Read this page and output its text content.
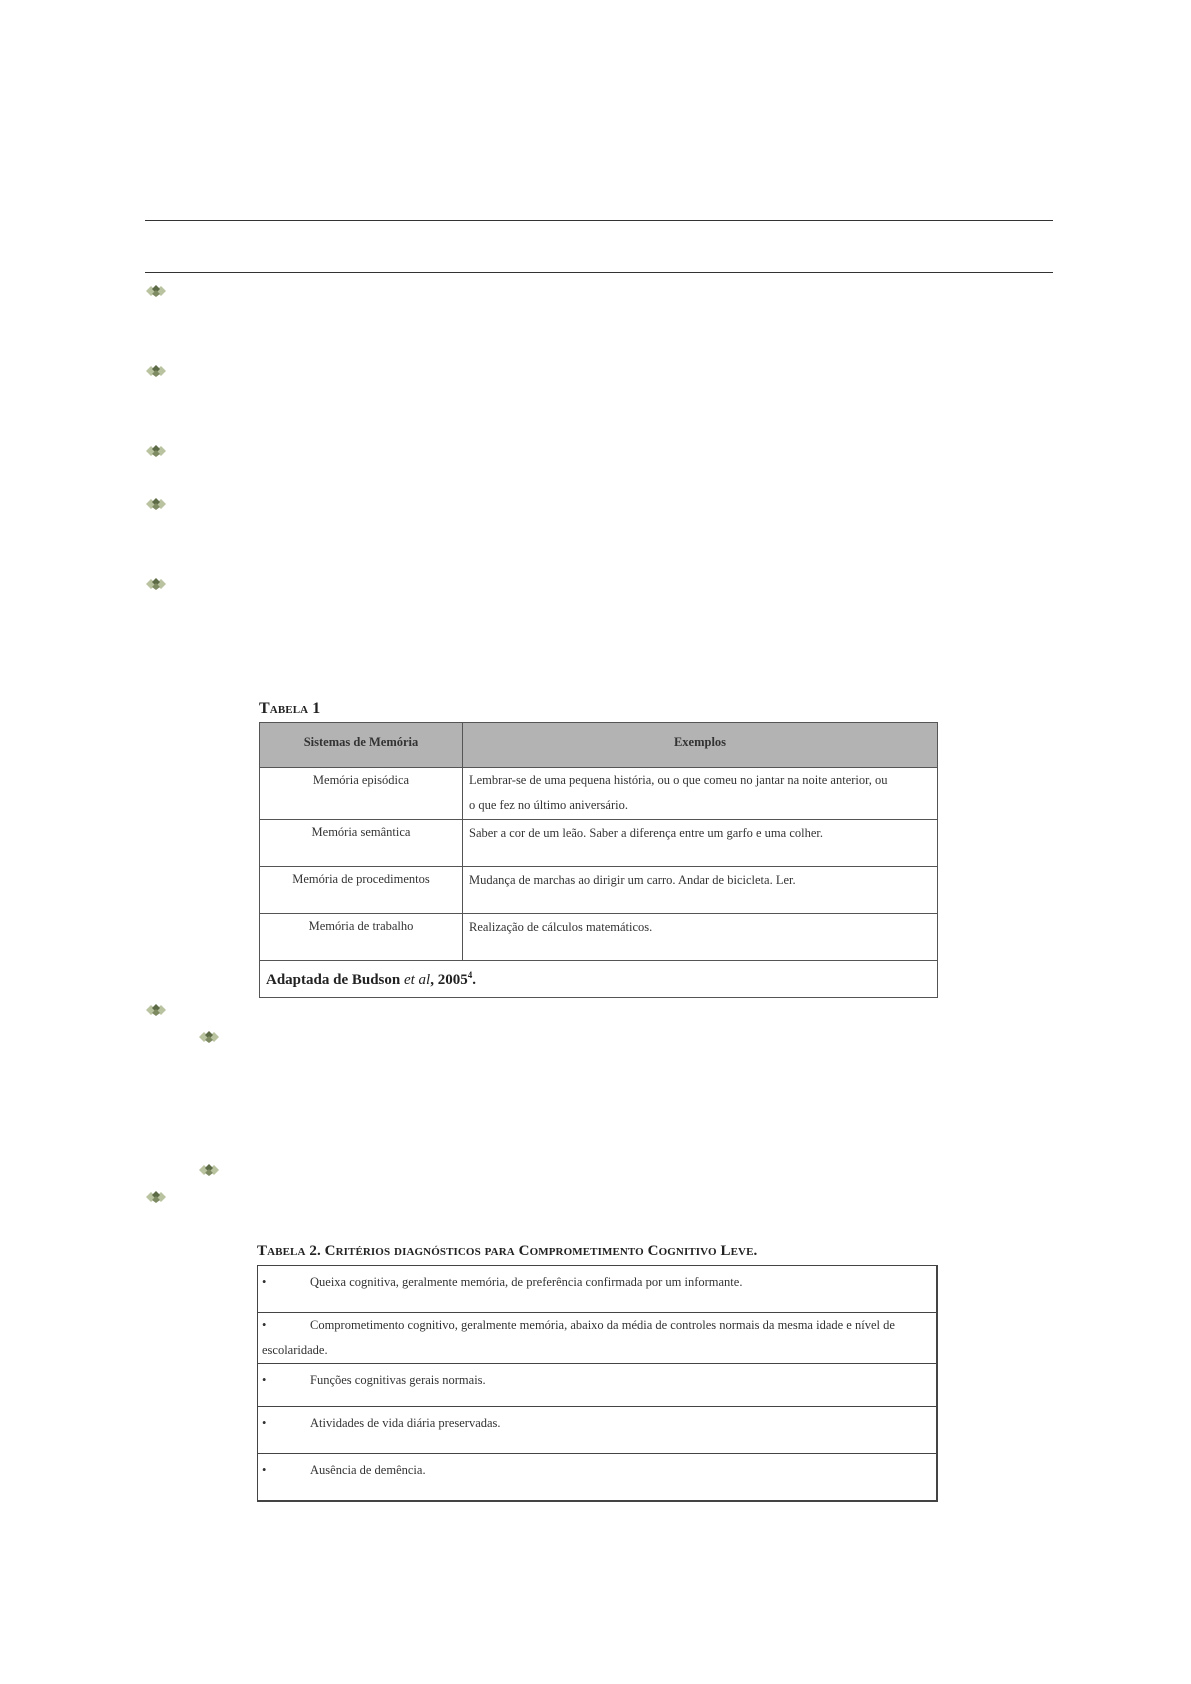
Tabela 1
Sistemas de Memória	Exemplos
Memória episódica	Lembrar-se de uma pequena história, ou o que comeu no jantar na noite anterior, ou
o que fez no último aniversário.
Memória semântica	Saber a cor de um leão. Saber a diferença entre um garfo e uma colher.
Memória de procedimentos	Mudança de marchas ao dirigir um carro. Andar de bicicleta. Ler.
Memória de trabalho	Realização de cálculos matemáticos.
Adaptada de Budson et al, 2005$^4$.	
Tabela 2. Critérios diagnósticos para Comprometimento Cognitivo Leve.
•	Queixa cognitiva, geralmente memória, de preferência confirmada por um informante.
•	Comprometimento cognitivo, geralmente memória, abaixo da média de controles normais da mesma idade e nível de escolaridade.
•	Funções cognitivas gerais normais.
•	Atividades de vida diária preservadas.
•	Ausência de demência.
